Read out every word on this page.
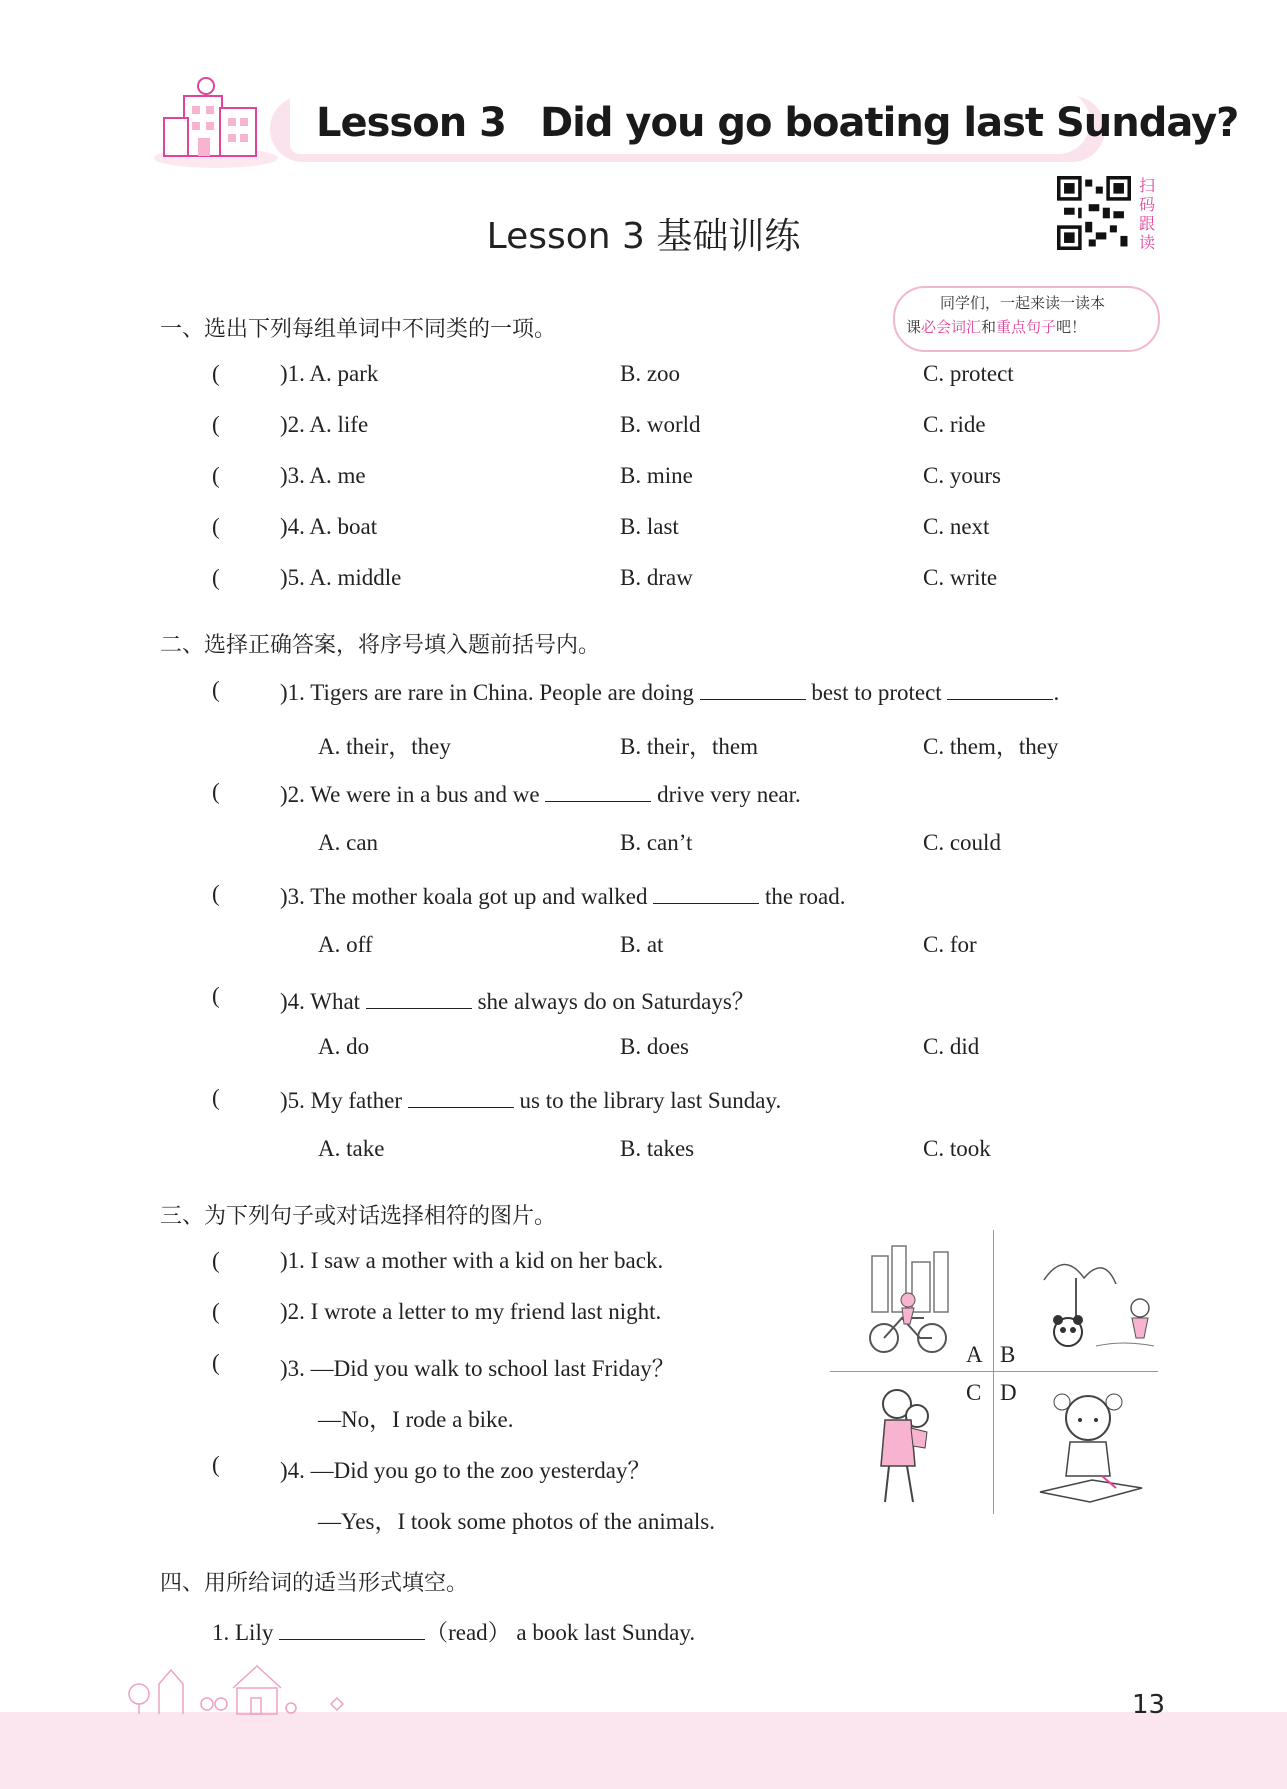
Lesson 3 Did you go boating last Sunday?
Lesson 3 基础训练
扫码跟读
同学们，一起来读一读本
课必会词汇和重点句子吧！
一、选出下列每组单词中不同类的一项。
(	)1. A. park	B. zoo	C. protect
(	)2. A. life	B. world	C. ride
(	)3. A. me	B. mine	C. yours
(	)4. A. boat	B. last	C. next
(	)5. A. middle	B. draw	C. write
二、选择正确答案，将序号填入题前括号内。
(	)1. Tigers are rare in China. People are doing	best to protect	.
A. their，they	B. their，them	C. them，they
(	)2. We were in a bus and we	drive very near.
A. can	B. can’t	C. could
(	)3. The mother koala got up and walked	the road.
A. off	B. at	C. for
(	)4. What	she always do on Saturdays？
A. do	B. does	C. did
(	)5. My father	us to the library last Sunday.
A. take	B. takes	C. took
三、为下列句子或对话选择相符的图片。
(	)1. I saw a mother with a kid on her back.
(	)2. I wrote a letter to my friend last night.
(	)3. —Did you walk to school last Friday？
—No，I rode a bike.
(	)4. —Did you go to the zoo yesterday？
—Yes，I took some photos of the animals.
A B
C D
四、用所给词的适当形式填空。
1. Lily	（read） a book last Sunday.
13
